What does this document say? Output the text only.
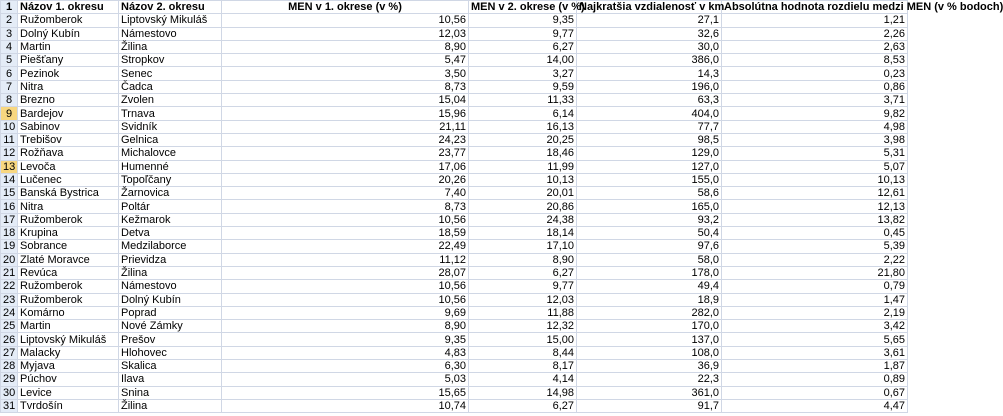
1	Názov 1. okresu	Názov 2. okresu	MEN v 1. okrese (v %)	MEN v 2. okrese (v %)	Najkratšia vzdialenosť v km	Absolútna hodnota rozdielu medzi MEN (v % bodoch)
2	Ružomberok	Liptovský Mikuláš	10,56	9,35	27,1	1,21
3	Dolný Kubín	Námestovo	12,03	9,77	32,6	2,26
4	Martin	Žilina	8,90	6,27	30,0	2,63
5	Piešťany	Stropkov	5,47	14,00	386,0	8,53
6	Pezinok	Senec	3,50	3,27	14,3	0,23
7	Nitra	Čadca	8,73	9,59	196,0	0,86
8	Brezno	Zvolen	15,04	11,33	63,3	3,71
9	Bardejov	Trnava	15,96	6,14	404,0	9,82
10	Sabinov	Svidník	21,11	16,13	77,7	4,98
11	Trebišov	Gelnica	24,23	20,25	98,5	3,98
12	Rožňava	Michalovce	23,77	18,46	129,0	5,31
13	Levoča	Humenné	17,06	11,99	127,0	5,07
14	Lučenec	Topoľčany	20,26	10,13	155,0	10,13
15	Banská Bystrica	Žarnovica	7,40	20,01	58,6	12,61
16	Nitra	Poltár	8,73	20,86	165,0	12,13
17	Ružomberok	Kežmarok	10,56	24,38	93,2	13,82
18	Krupina	Detva	18,59	18,14	50,4	0,45
19	Sobrance	Medzilaborce	22,49	17,10	97,6	5,39
20	Zlaté Moravce	Prievidza	11,12	8,90	58,0	2,22
21	Revúca	Žilina	28,07	6,27	178,0	21,80
22	Ružomberok	Námestovo	10,56	9,77	49,4	0,79
23	Ružomberok	Dolný Kubín	10,56	12,03	18,9	1,47
24	Komárno	Poprad	9,69	11,88	282,0	2,19
25	Martin	Nové Zámky	8,90	12,32	170,0	3,42
26	Liptovský Mikuláš	Prešov	9,35	15,00	137,0	5,65
27	Malacky	Hlohovec	4,83	8,44	108,0	3,61
28	Myjava	Skalica	6,30	8,17	36,9	1,87
29	Púchov	Ilava	5,03	4,14	22,3	0,89
30	Levice	Snina	15,65	14,98	361,0	0,67
31	Tvrdošín	Žilina	10,74	6,27	91,7	4,47
